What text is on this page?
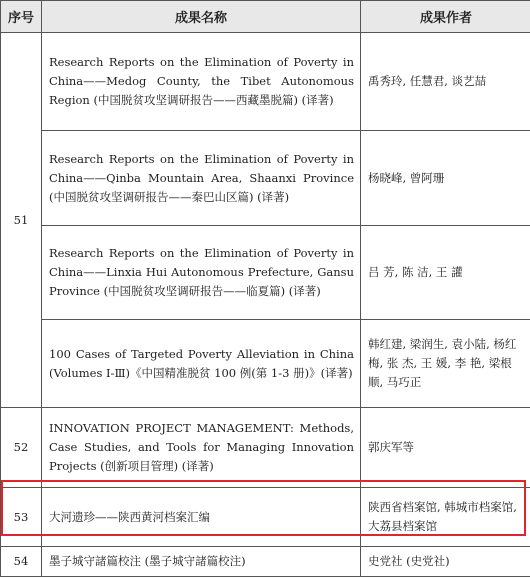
序号	成果名称	成果作者
51	Research Reports on the Elimination of Poverty in China——Medog County, the Tibet Autonomous Region (中国脱贫攻坚调研报告——西藏墨脱篇) (译著)	禹秀玲, 任慧君, 谈艺喆
	Research Reports on the Elimination of Poverty in China——Qinba Mountain Area, Shaanxi Province (中国脱贫攻坚调研报告——秦巴山区篇) (译著)	杨晓峰, 曾阿珊
	Research Reports on the Elimination of Poverty in China——Linxia Hui Autonomous Prefecture, Gansu Province (中国脱贫攻坚调研报告——临夏篇) (译著)	吕 芳, 陈 洁, 王 讙
	100 Cases of Targeted Poverty Alleviation in China (Volumes Ⅰ-Ⅲ)《中国精准脱贫 100 例(第 1-3 册)》(译著)	韩红建, 梁润生, 袁小陆, 杨红梅, 张 杰, 王 媛, 李 艳, 梁根顺, 马巧正
52	INNOVATION PROJECT MANAGEMENT: Methods, Case Studies, and Tools for Managing Innovation Projects (创新项目管理) (译著)	郭庆军等
53	大河遗珍——陕西黄河档案汇编	陕西省档案馆, 韩城市档案馆, 大荔县档案馆
54	墨子城守諸篇校注 (墨子城守諸篇校注)	史党社 (史党社)
